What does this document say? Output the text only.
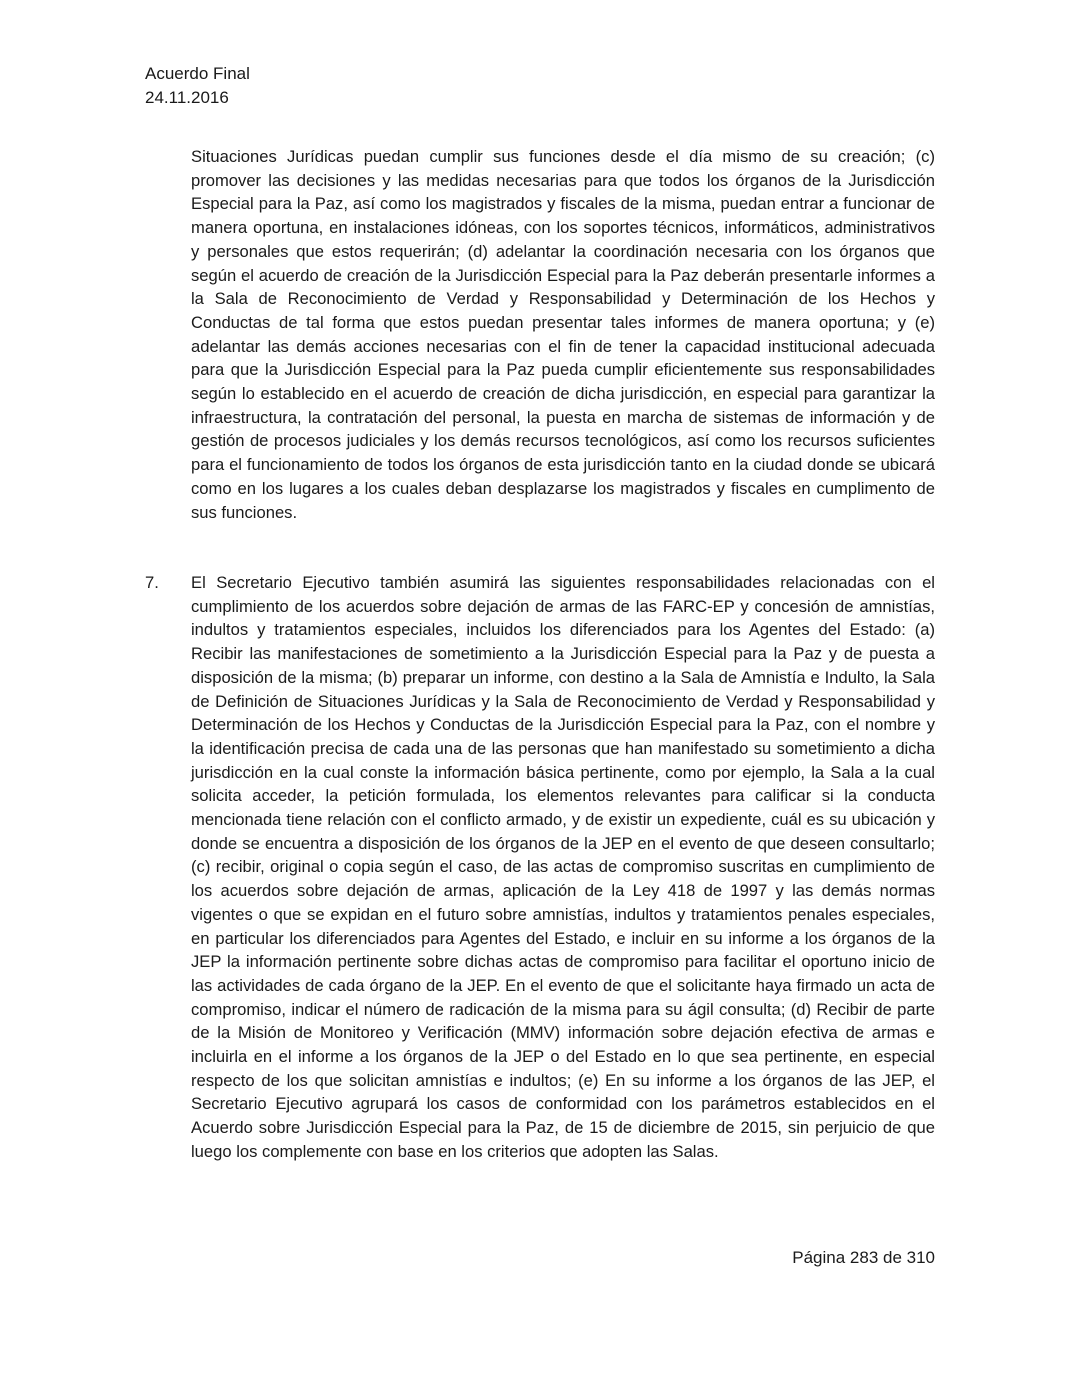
Acuerdo Final
24.11.2016

Situaciones Jurídicas puedan cumplir sus funciones desde el día mismo de su creación; (c) promover las decisiones y las medidas necesarias para que todos los órganos de la Jurisdicción Especial para la Paz, así como los magistrados y fiscales de la misma, puedan entrar a funcionar de manera oportuna, en instalaciones idóneas, con los soportes técnicos, informáticos, administrativos y personales que estos requerirán; (d) adelantar la coordinación necesaria con los órganos que según el acuerdo de creación de la Jurisdicción Especial para la Paz deberán presentarle informes a la Sala de Reconocimiento de Verdad y Responsabilidad y Determinación de los Hechos y Conductas de tal forma que estos puedan presentar tales informes de manera oportuna; y (e) adelantar las demás acciones necesarias con el fin de tener la capacidad institucional adecuada para que la Jurisdicción Especial para la Paz pueda cumplir eficientemente sus responsabilidades según lo establecido en el acuerdo de creación de dicha jurisdicción, en especial para garantizar la infraestructura, la contratación del personal, la puesta en marcha de sistemas de información y de gestión de procesos judiciales y los demás recursos tecnológicos, así como los recursos suficientes para el funcionamiento de todos los órganos de esta jurisdicción tanto en la ciudad donde se ubicará como en los lugares a los cuales deban desplazarse los magistrados y fiscales en cumplimento de sus funciones.

7. El Secretario Ejecutivo también asumirá las siguientes responsabilidades relacionadas con el cumplimiento de los acuerdos sobre dejación de armas de las FARC-EP y concesión de amnistías, indultos y tratamientos especiales, incluidos los diferenciados para los Agentes del Estado: (a) Recibir las manifestaciones de sometimiento a la Jurisdicción Especial para la Paz y de puesta a disposición de la misma; (b) preparar un informe, con destino a la Sala de Amnistía e Indulto, la Sala de Definición de Situaciones Jurídicas y la Sala de Reconocimiento de Verdad y Responsabilidad y Determinación de los Hechos y Conductas de la Jurisdicción Especial para la Paz, con el nombre y la identificación precisa de cada una de las personas que han manifestado su sometimiento a dicha jurisdicción en la cual conste la información básica pertinente, como por ejemplo, la Sala a la cual solicita acceder, la petición formulada, los elementos relevantes para calificar si la conducta mencionada tiene relación con el conflicto armado, y de existir un expediente, cuál es su ubicación y donde se encuentra a disposición de los órganos de la JEP en el evento de que deseen consultarlo; (c) recibir, original o copia según el caso, de las actas de compromiso suscritas en cumplimiento de los acuerdos sobre dejación de armas, aplicación de la Ley 418 de 1997 y las demás normas vigentes o que se expidan en el futuro sobre amnistías, indultos y tratamientos penales especiales, en particular los diferenciados para Agentes del Estado, e incluir en su informe a los órganos de la JEP la información pertinente sobre dichas actas de compromiso para facilitar el oportuno inicio de las actividades de cada órgano de la JEP. En el evento de que el solicitante haya firmado un acta de compromiso, indicar el número de radicación de la misma para su ágil consulta; (d) Recibir de parte de la Misión de Monitoreo y Verificación (MMV) información sobre dejación efectiva de armas e incluirla en el informe a los órganos de la JEP o del Estado en lo que sea pertinente, en especial respecto de los que solicitan amnistías e indultos; (e) En su informe a los órganos de las JEP, el Secretario Ejecutivo agrupará los casos de conformidad con los parámetros establecidos en el Acuerdo sobre Jurisdicción Especial para la Paz, de 15 de diciembre de 2015, sin perjuicio de que luego los complemente con base en los criterios que adopten las Salas.

Página 283 de 310
